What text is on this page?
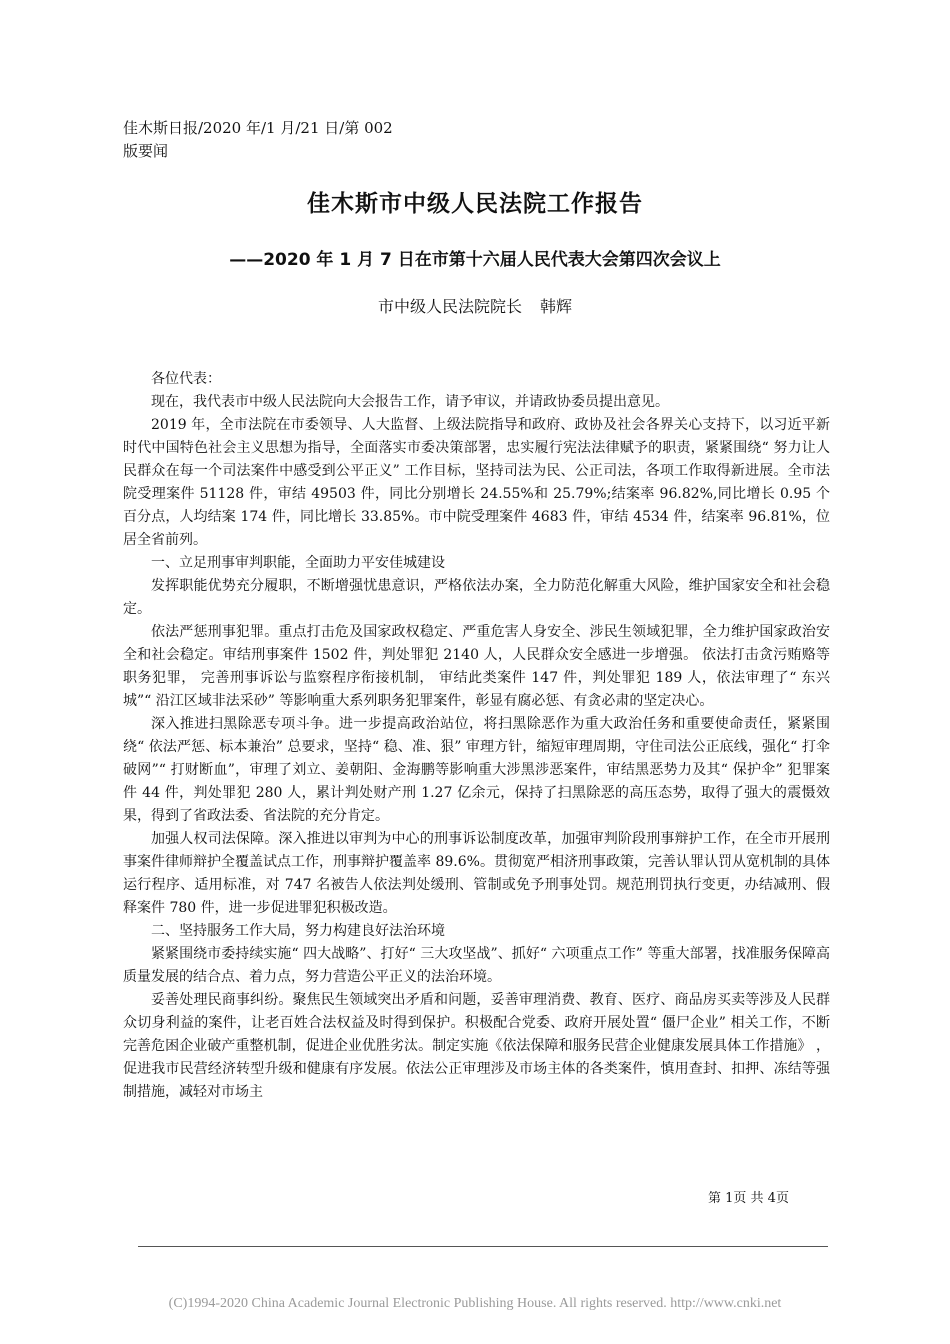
佳木斯日报/2020 年/1 月/21 日/第 002
版要闻
佳木斯市中级人民法院工作报告
——2020 年 1 月 7 日在市第十六届人民代表大会第四次会议上
市中级人民法院院长 韩辉

各位代表：

现在，我代表市中级人民法院向大会报告工作，请予审议，并请政协委员提出意见。

2019 年，全市法院在市委领导、人大监督、上级法院指导和政府、政协及社会各界关心支持下，以习近平新时代中国特色社会主义思想为指导，全面落实市委决策部署，忠实履行宪法法律赋予的职责，紧紧围绕“ 努力让人民群众在每一个司法案件中感受到公平正义” 工作目标，坚持司法为民、公正司法，各项工作取得新进展。全市法院受理案件 51128 件，审结 49503 件，同比分别增长 24.55%和 25.79%;结案率 96.82%,同比增长 0.95 个百分点，人均结案 174 件，同比增长 33.85%。市中院受理案件 4683 件，审结 4534 件，结案率 96.81%，位居全省前列。

一、立足刑事审判职能，全面助力平安佳城建设

发挥职能优势充分履职，不断增强忧患意识，严格依法办案，全力防范化解重大风险，维护国家安全和社会稳定。

依法严惩刑事犯罪。重点打击危及国家政权稳定、严重危害人身安全、涉民生领域犯罪，全力维护国家政治安全和社会稳定。审结刑事案件 1502 件，判处罪犯 2140 人，人民群众安全感进一步增强。 依法打击贪污贿赂等职务犯罪， 完善刑事诉讼与监察程序衔接机制， 审结此类案件 147 件，判处罪犯 189 人，依法审理了“ 东兴城”“ 沿江区域非法采砂” 等影响重大系列职务犯罪案件，彰显有腐必惩、有贪必肃的坚定决心。

深入推进扫黑除恶专项斗争。进一步提高政治站位，将扫黑除恶作为重大政治任务和重要使命责任，紧紧围绕“ 依法严惩、标本兼治” 总要求，坚持“ 稳、准、狠” 审理方针，缩短审理周期，守住司法公正底线，强化“ 打伞破网”“ 打财断血”，审理了刘立、姜朝阳、金海鹏等影响重大涉黑涉恶案件，审结黑恶势力及其“ 保护伞” 犯罪案件 44 件，判处罪犯 280 人，累计判处财产刑 1.27 亿余元，保持了扫黑除恶的高压态势，取得了强大的震慑效果，得到了省政法委、省法院的充分肯定。

加强人权司法保障。深入推进以审判为中心的刑事诉讼制度改革，加强审判阶段刑事辩护工作，在全市开展刑事案件律师辩护全覆盖试点工作，刑事辩护覆盖率 89.6%。贯彻宽严相济刑事政策，完善认罪认罚从宽机制的具体运行程序、适用标准，对 747 名被告人依法判处缓刑、管制或免予刑事处罚。规范刑罚执行变更，办结减刑、假释案件 780 件，进一步促进罪犯积极改造。

二、坚持服务工作大局，努力构建良好法治环境

紧紧围绕市委持续实施“ 四大战略”、打好“ 三大攻坚战”、抓好“ 六项重点工作” 等重大部署，找准服务保障高质量发展的结合点、着力点，努力营造公平正义的法治环境。

妥善处理民商事纠纷。聚焦民生领域突出矛盾和问题，妥善审理消费、教育、医疗、商品房买卖等涉及人民群众切身利益的案件，让老百姓合法权益及时得到保护。积极配合党委、政府开展处置“ 僵尸企业” 相关工作，不断完善危困企业破产重整机制，促进企业优胜劣汰。制定实施《依法保障和服务民营企业健康发展具体工作措施》 ，促进我市民营经济转型升级和健康有序发展。依法公正审理涉及市场主体的各类案件，慎用查封、扣押、冻结等强制措施，减轻对市场主

第 1页 共 4页
(C)1994-2020 China Academic Journal Electronic Publishing House. All rights reserved. http://www.cnki.net
